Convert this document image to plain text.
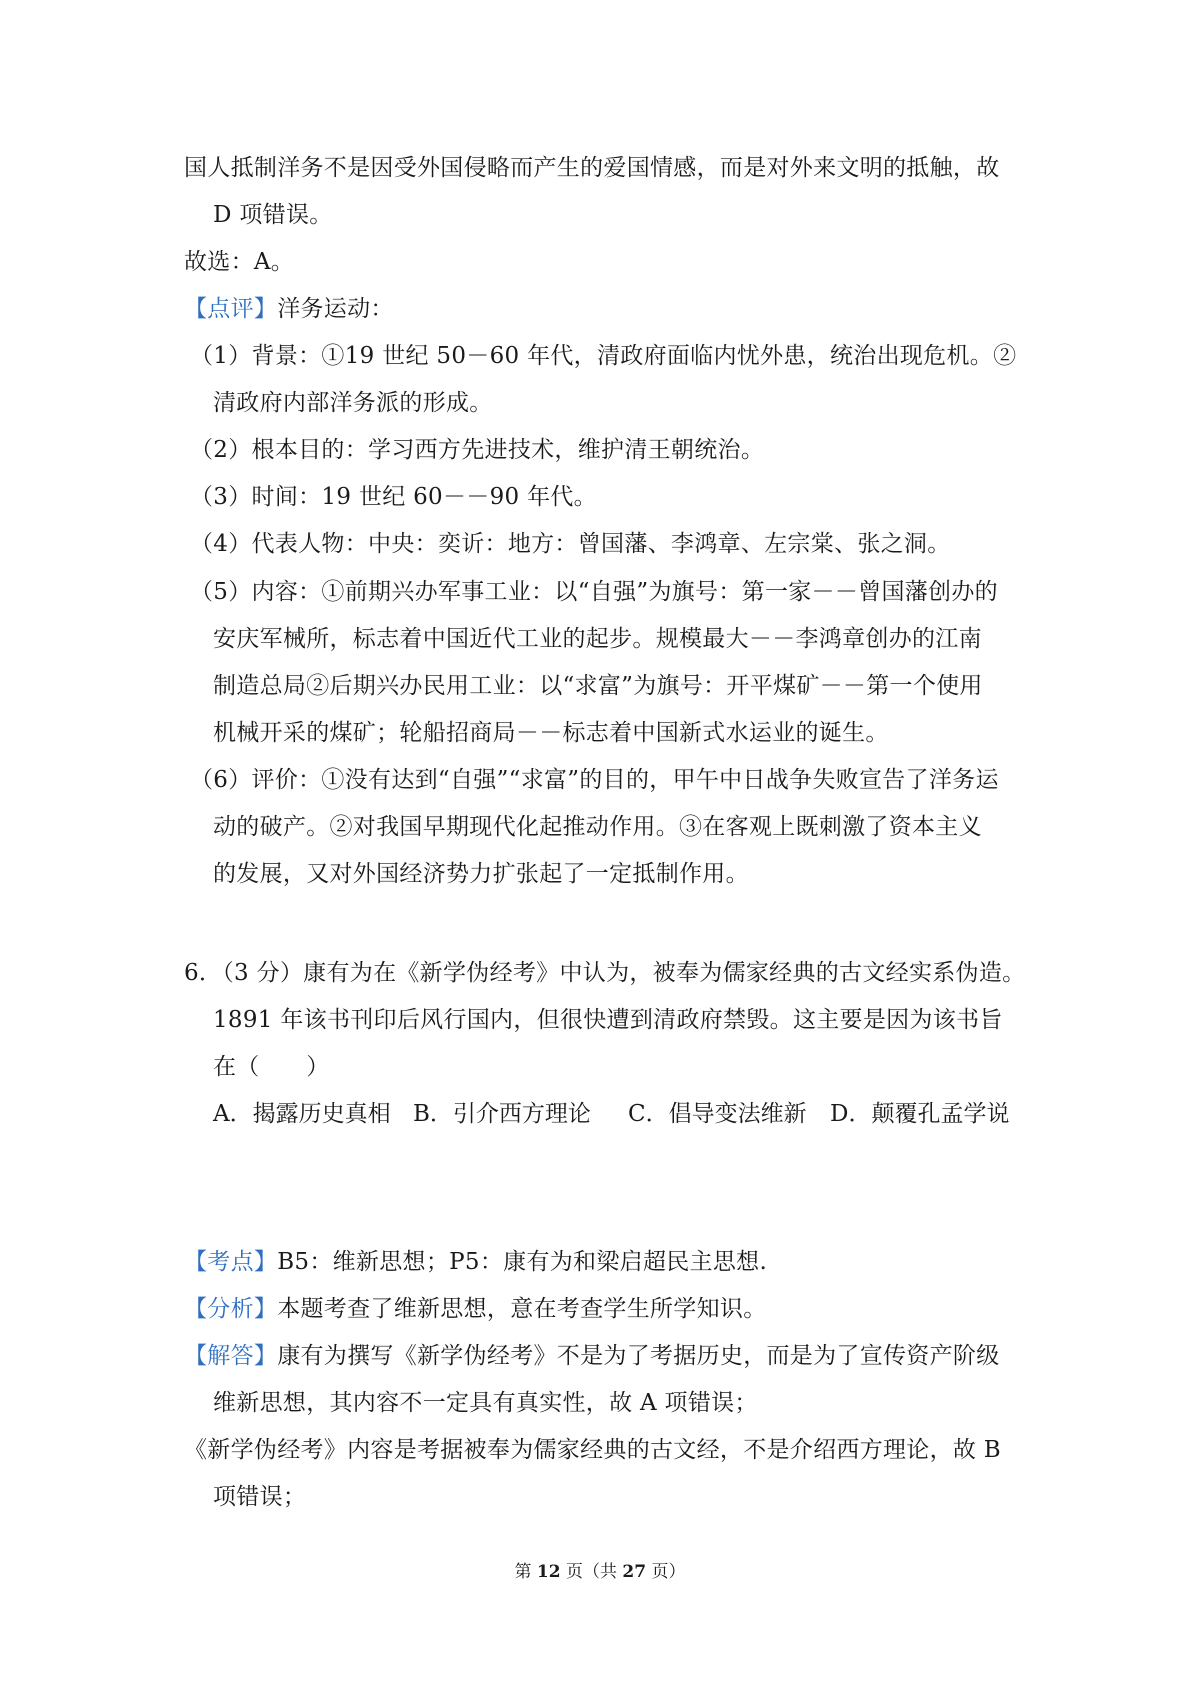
国人抵制洋务不是因受外国侵略而产生的爱国情感，而是对外来文明的抵触，故
D 项错误。
故选：A。
【点评】洋务运动：
（1）背景：①19 世纪 50－60 年代，清政府面临内忧外患，统治出现危机。②
清政府内部洋务派的形成。
（2）根本目的：学习西方先进技术，维护清王朝统治。
（3）时间：19 世纪 60－－90 年代。
（4）代表人物：中央：奕䜣：地方：曾国藩、李鸿章、左宗棠、张之洞。
（5）内容：①前期兴办军事工业：以“自强”为旗号：第一家－－曾国藩创办的
安庆军械所，标志着中国近代工业的起步。规模最大－－李鸿章创办的江南
制造总局②后期兴办民用工业：以“求富”为旗号：开平煤矿－－第一个使用
机械开采的煤矿；轮船招商局－－标志着中国新式水运业的诞生。
（6）评价：①没有达到“自强”“求富”的目的，甲午中日战争失败宣告了洋务运
动的破产。②对我国早期现代化起推动作用。③在客观上既刺激了资本主义
的发展，又对外国经济势力扩张起了一定抵制作用。
6．（3 分）康有为在《新学伪经考》中认为，被奉为儒家经典的古文经实系伪造。
1891 年该书刊印后风行国内，但很快遭到清政府禁毁。这主要是因为该书旨
在（　　）
A．揭露历史真相 B．引介西方理论 C．倡导变法维新 D．颠覆孔孟学说
【考点】B5：维新思想；P5：康有为和梁启超民主思想.
【分析】本题考查了维新思想，意在考查学生所学知识。
【解答】康有为撰写《新学伪经考》不是为了考据历史，而是为了宣传资产阶级
维新思想，其内容不一定具有真实性，故 A 项错误；
《新学伪经考》内容是考据被奉为儒家经典的古文经，不是介绍西方理论，故 B
项错误；
第 12 页（共 27 页）
